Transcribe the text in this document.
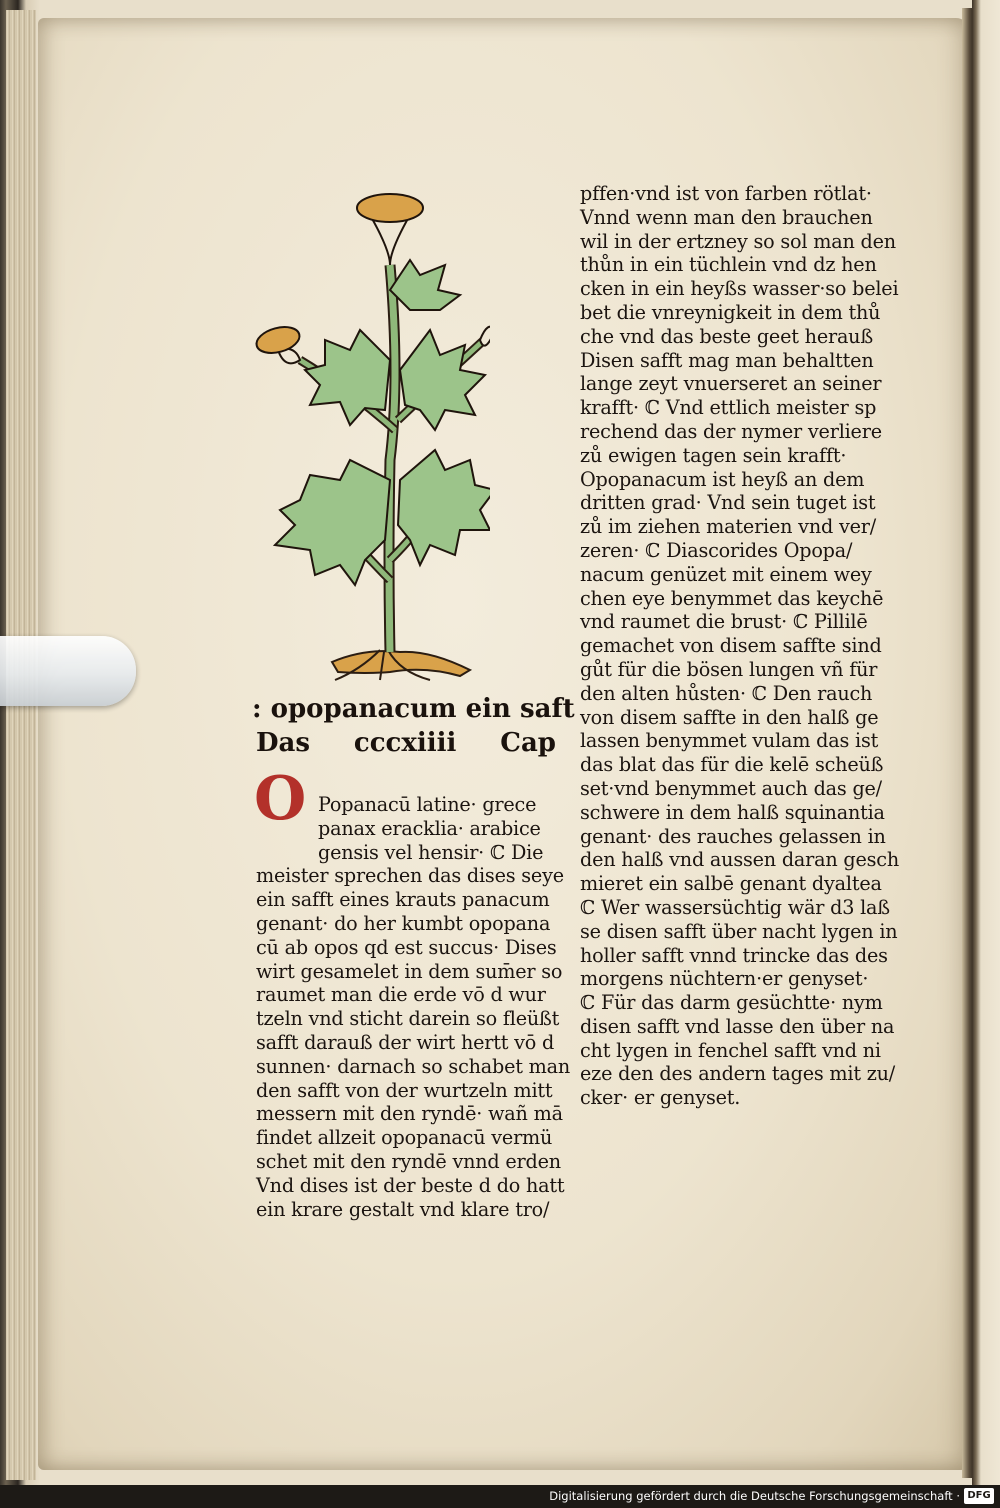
pffen·vnd ist von farben rötlat·
Vnnd wenn man den brauchen
wil in der ertzney so sol man den
thůn in ein tüchlein vnd dz hen
cken in ein heyßs wasser·so belei
bet die vnreynigkeit in dem thů
che vnd das beste geet herauß
Disen safft mag man behaltten
lange zeyt vnuerseret an seiner
krafft· ℂ Vnd ettlich meister sp
rechend das der nymer verliere
zů ewigen tagen sein krafft·
Opopanacum ist heyß an dem
dritten grad· Vnd sein tuget ist
zů im ziehen materien vnd ver/
zeren· ℂ Diascorides Opopa/
nacum genüzet mit einem wey
chen eye benymmet das keychē
vnd raumet die brust· ℂ Pillilē
gemachet von disem saffte sind
gůt für die bösen lungen vñ für
den alten hůsten· ℂ Den rauch
von disem saffte in den halß ge
lassen benymmet vulam das ist
das blat das für die kelē scheüß
set·vnd benymmet auch das ge/
schwere in dem halß squinantia
genant· des rauches gelassen in
den halß vnd aussen daran gesch
mieret ein salbē genant dyaltea
ℂ Wer wassersüchtig wär d3 laß
se disen safft über nacht lygen in
holler safft vnnd trincke das des
morgens nüchtern·er genyset·
ℂ Für das darm gesüchtte· nym
disen safft vnd lasse den über na
cht lygen in fenchel safft vnd ni
eze den des andern tages mit zu/
cker· er genyset.
: opopanacum ein saft
Das cccxiiii Cap
O Popanacū latine· grece
panax eracklia· arabice
gensis vel hensir· ℂ Die
meister sprechen das dises seye
ein safft eines krauts panacum
genant· do her kumbt opopana
cū ab opos qd est succus· Dises
wirt gesamelet in dem sum̄er so
raumet man die erde vō d wur
tzeln vnd sticht darein so fleüßt
safft darauß der wirt hertt vō d
sunnen· darnach so schabet man
den safft von der wurtzeln mitt
messern mit den ryndē· wañ mā
findet allzeit opopanacū vermü
schet mit den ryndē vnnd erden
Vnd dises ist der beste d do hatt
ein krare gestalt vnd klare tro/
Digitalisierung gefördert durch die Deutsche Forschungsgemeinschaft · DFG
